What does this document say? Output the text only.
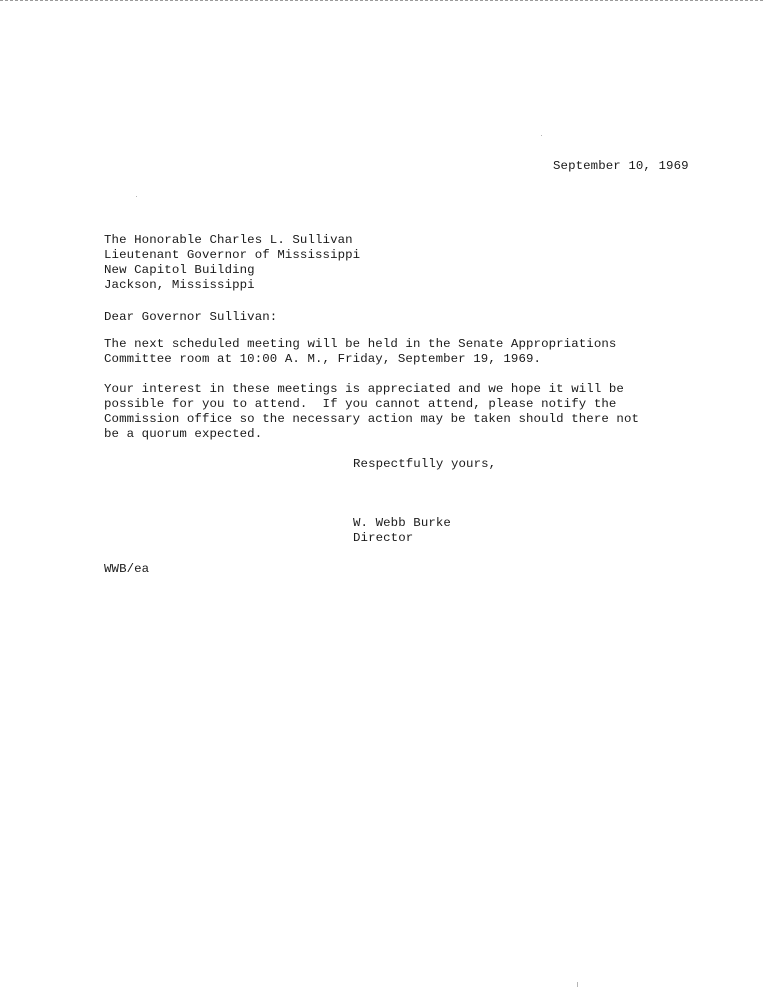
September 10, 1969
The Honorable Charles L. Sullivan
Lieutenant Governor of Mississippi
New Capitol Building
Jackson, Mississippi
Dear Governor Sullivan:
The next scheduled meeting will be held in the Senate Appropriations
Committee room at 10:00 A. M., Friday, September 19, 1969.
Your interest in these meetings is appreciated and we hope it will be
possible for you to attend.  If you cannot attend, please notify the
Commission office so the necessary action may be taken should there not
be a quorum expected.
Respectfully yours,
W. Webb Burke
Director
WWB/ea
